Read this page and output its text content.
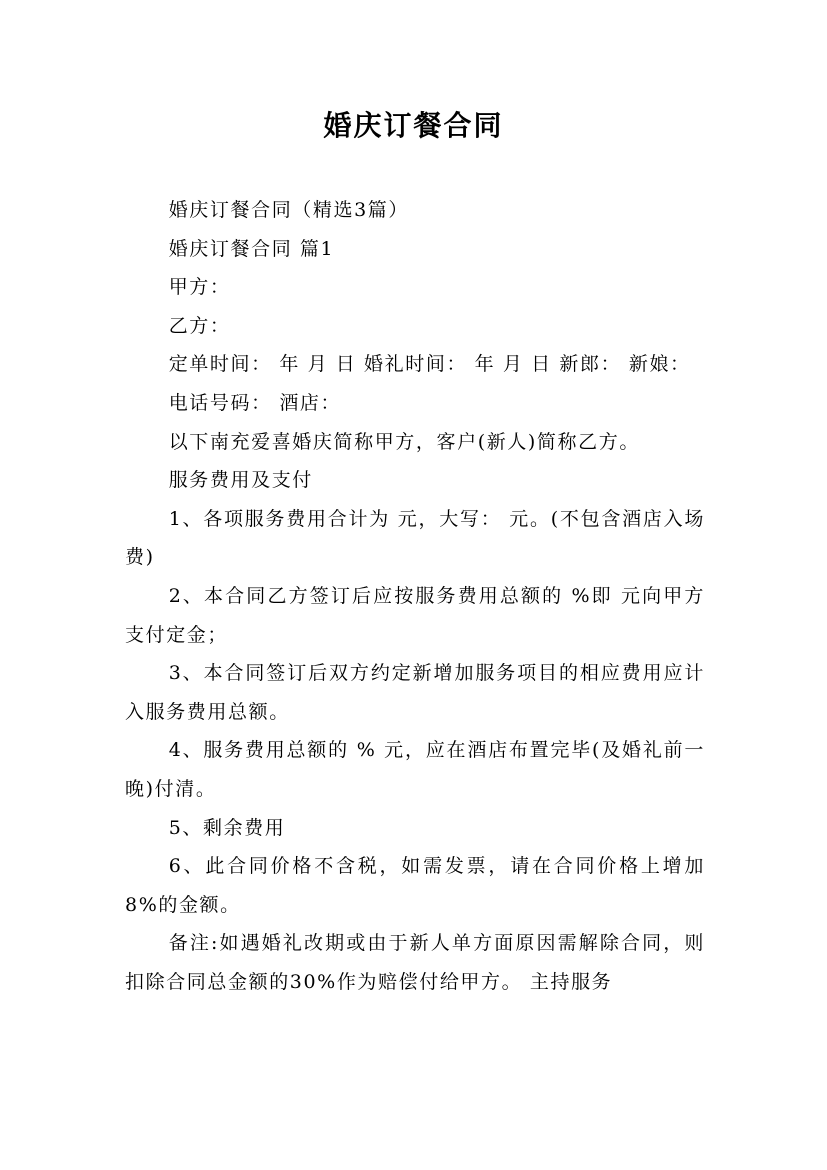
婚庆订餐合同

婚庆订餐合同（精选3篇）

婚庆订餐合同 篇1

甲方：

乙方：

定单时间： 年 月 日 婚礼时间： 年 月 日 新郎： 新娘：

电话号码： 酒店：

以下南充爱喜婚庆简称甲方，客户(新人)简称乙方。

服务费用及支付

1、各项服务费用合计为 元，大写： 元。(不包含酒店入场费)

2、本合同乙方签订后应按服务费用总额的 %即 元向甲方支付定金；

3、本合同签订后双方约定新增加服务项目的相应费用应计入服务费用总额。

4、服务费用总额的 % 元，应在酒店布置完毕(及婚礼前一晚)付清。

5、剩余费用

6、此合同价格不含税，如需发票，请在合同价格上增加8%的金额。

备注:如遇婚礼改期或由于新人单方面原因需解除合同，则扣除合同总金额的30%作为赔偿付给甲方。 主持服务
